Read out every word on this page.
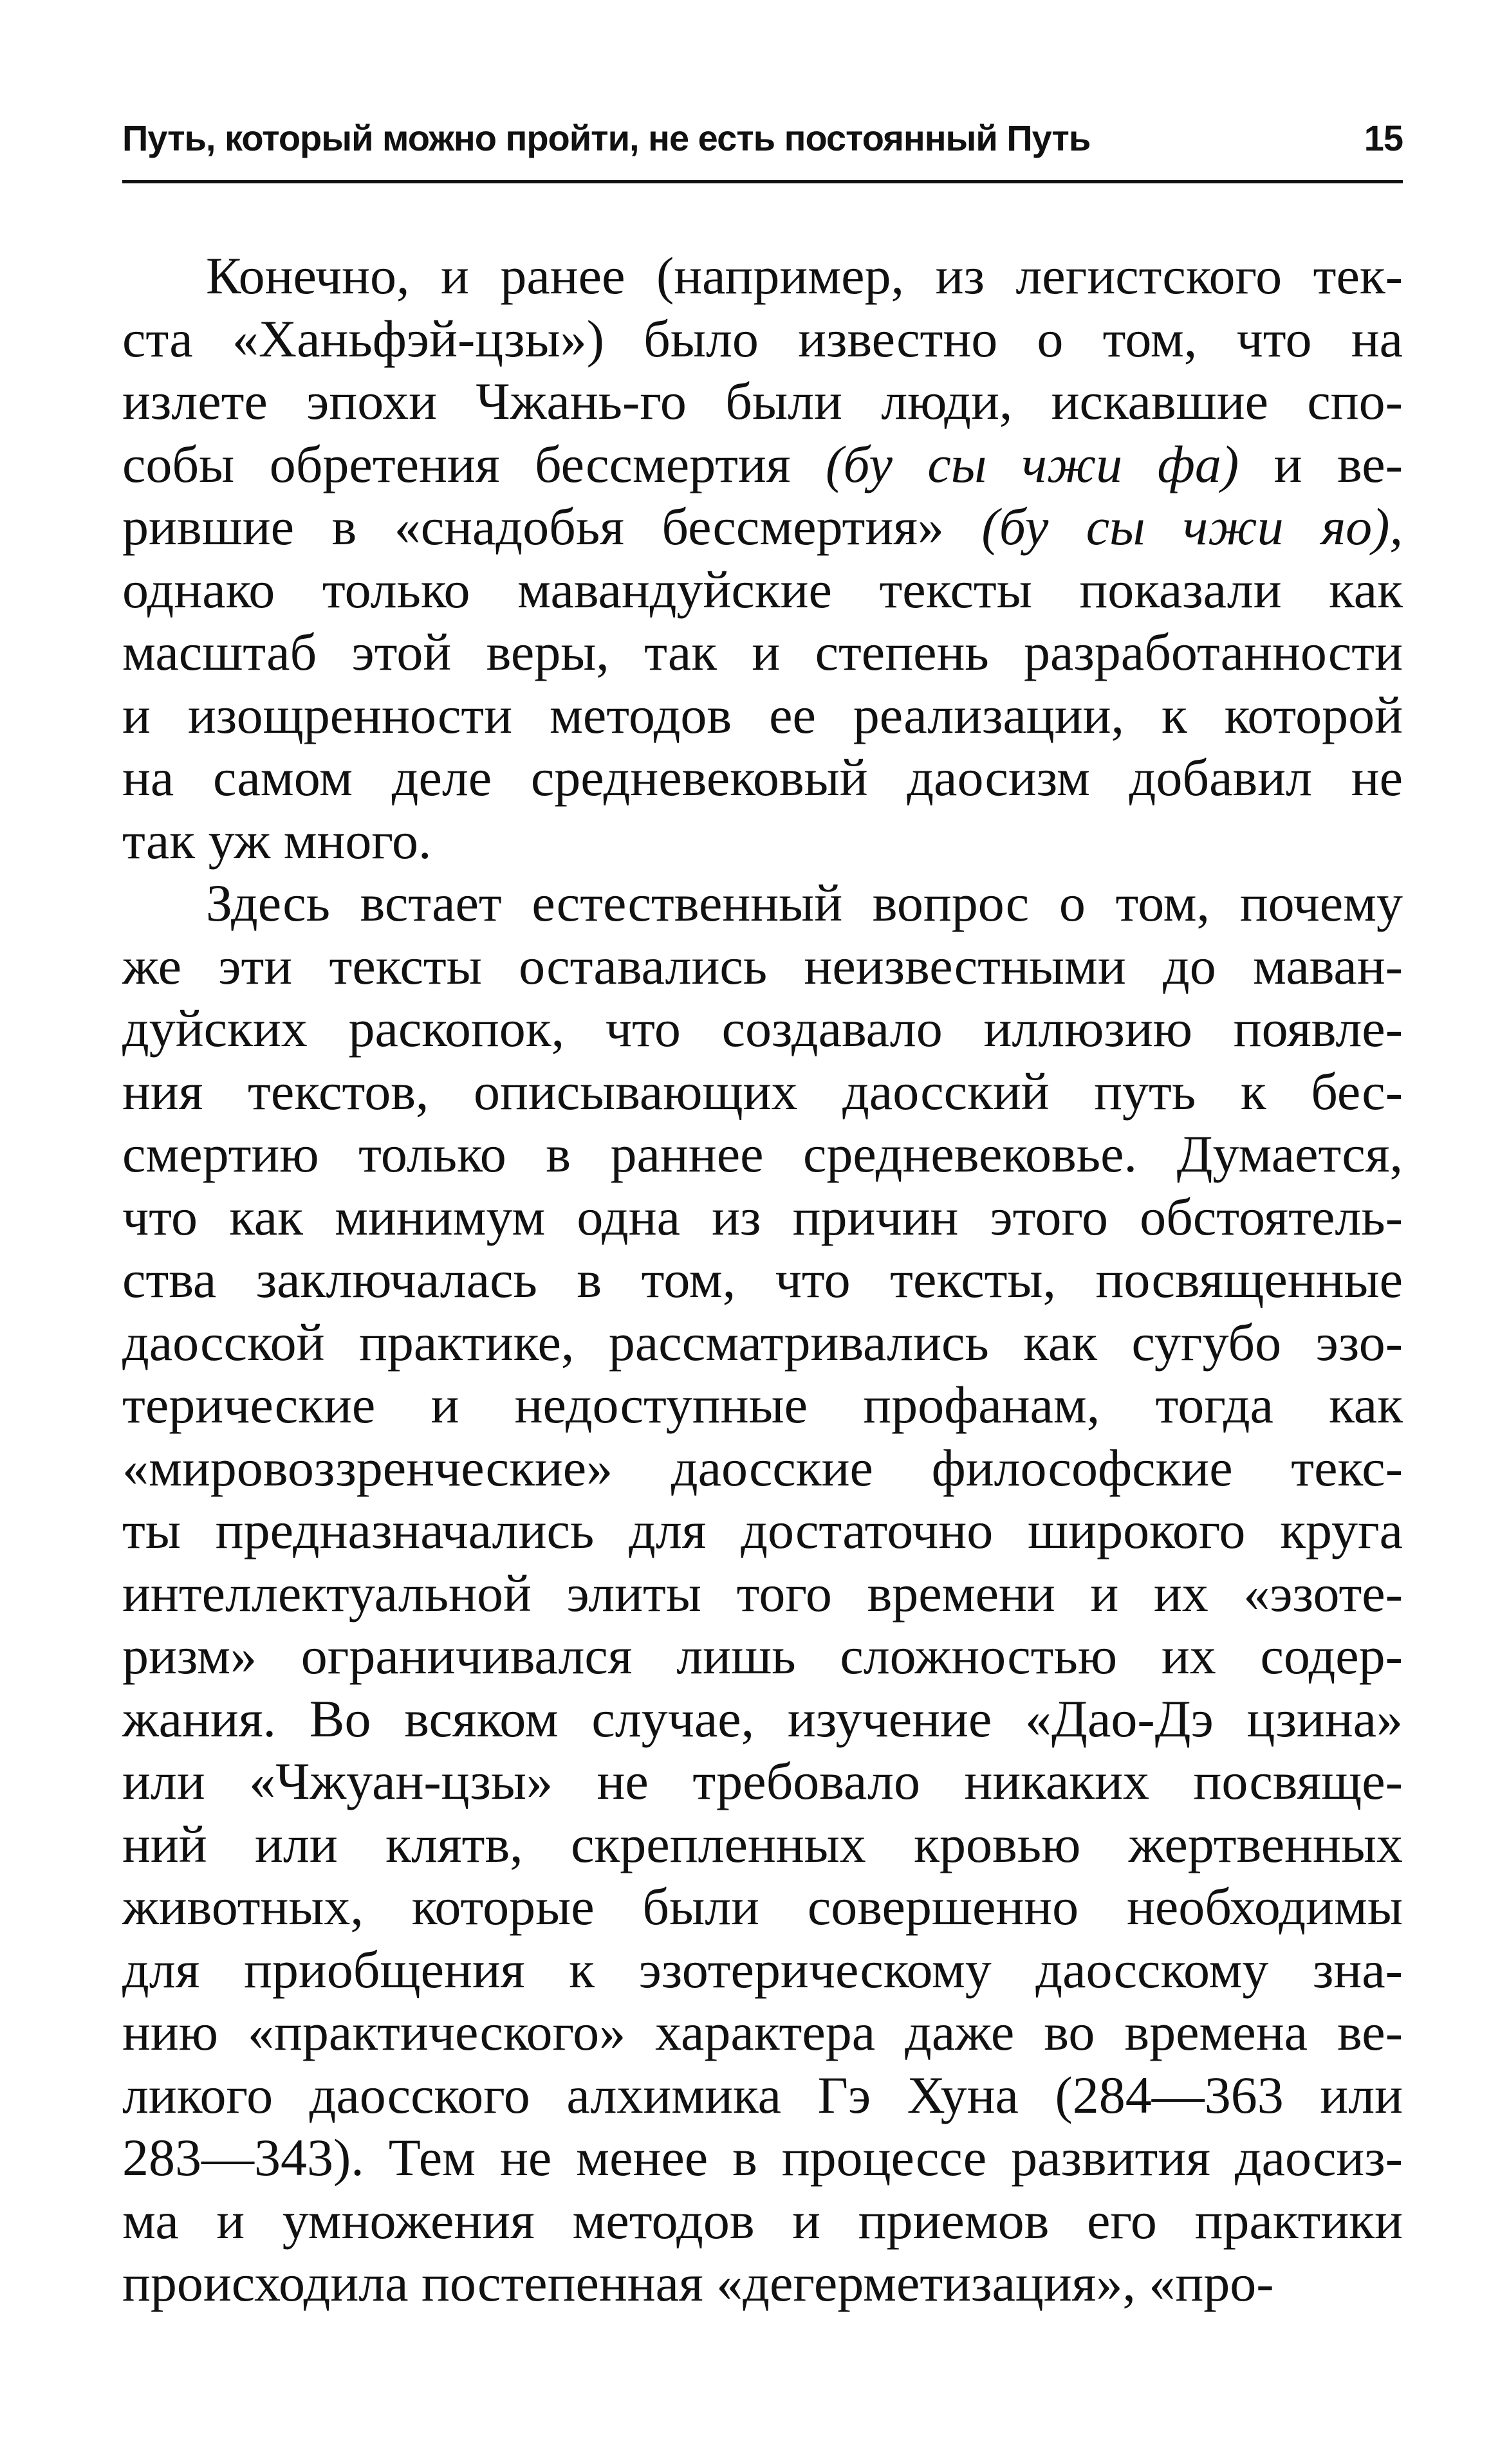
Путь, который можно пройти, не есть постоянный Путь	15
Конечно, и ранее (например, из легистского тек-
ста «Ханьфэй-цзы») было известно о том, что на
излете эпохи Чжань-го были люди, искавшие спо-
собы обретения бессмертия (бу сы чжи фа) и ве-
рившие в «снадобья бессмертия» (бу сы чжи яо),
однако только мавандуйские тексты показали как
масштаб этой веры, так и степень разработанности
и изощренности методов ее реализации, к которой
на самом деле средневековый даосизм добавил не
так уж много.
Здесь встает естественный вопрос о том, почему
же эти тексты оставались неизвестными до маван-
дуйских раскопок, что создавало иллюзию появле-
ния текстов, описывающих даосский путь к бес-
смертию только в раннее средневековье. Думается,
что как минимум одна из причин этого обстоятель-
ства заключалась в том, что тексты, посвященные
даосской практике, рассматривались как сугубо эзо-
терические и недоступные профанам, тогда как
«мировоззренческие» даосские философские текс-
ты предназначались для достаточно широкого круга
интеллектуальной элиты того времени и их «эзоте-
ризм» ограничивался лишь сложностью их содер-
жания. Во всяком случае, изучение «Дао-Дэ цзина»
или «Чжуан-цзы» не требовало никаких посвяще-
ний или клятв, скрепленных кровью жертвенных
животных, которые были совершенно необходимы
для приобщения к эзотерическому даосскому зна-
нию «практического» характера даже во времена ве-
ликого даосского алхимика Гэ Хуна (284—363 или
283—343). Тем не менее в процессе развития даосиз-
ма и умножения методов и приемов его практики
происходила постепенная «дегерметизация», «про-
